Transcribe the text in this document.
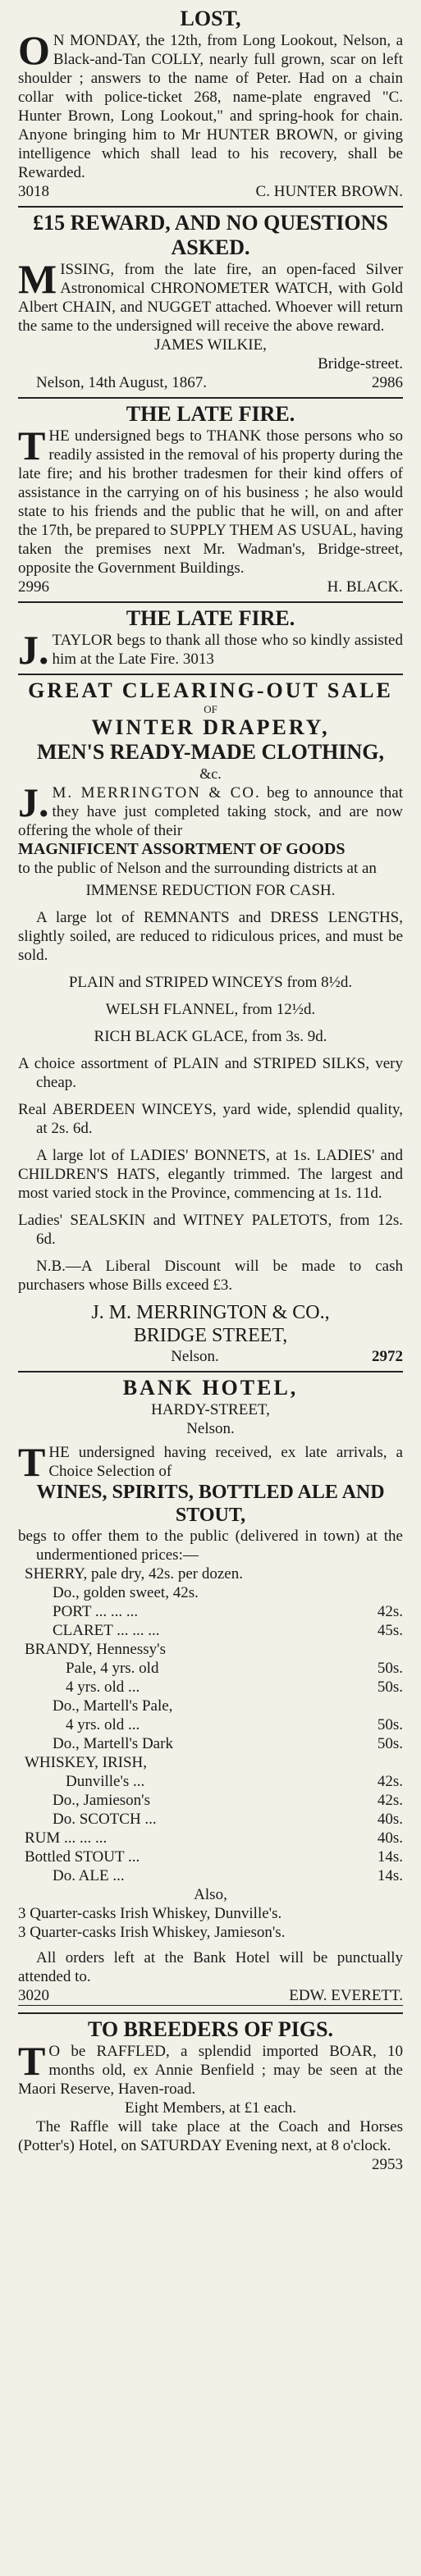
LOST,

O N MONDAY, the 12th, from Long Lookout, Nelson, a Black-and-Tan COLLY, nearly full grown, scar on left shoulder ; answers to the name of Peter. Had on a chain collar with police-ticket 268, name-plate engraved "C. Hunter Brown, Long Lookout," and spring-hook for chain. Anyone bringing him to Mr HUNTER BROWN, or giving intelligence which shall lead to his recovery, shall be Rewarded.

3018	C. HUNTER BROWN.
£15 REWARD, AND NO QUESTIONS ASKED.

MISSING, from the late fire, an open-faced Silver Astronomical CHRONOMETER WATCH, with Gold Albert CHAIN, and NUGGET attached. Whoever will return the same to the undersigned will receive the above reward.

JAMES WILKIE,
Bridge-street.
Nelson, 14th August, 1867.	2986
THE LATE FIRE.

THE undersigned begs to THANK those persons who so readily assisted in the removal of his property during the late fire; and his brother tradesmen for their kind offers of assistance in the carrying on of his business ; he also would state to his friends and the public that he will, on and after the 17th, be prepared to SUPPLY THEM AS USUAL, having taken the premises next Mr. Wadman's, Bridge-street, opposite the Government Buildings.

2996	H. BLACK.
THE LATE FIRE.

J. TAYLOR begs to thank all those who so kindly assisted him at the Late Fire. 3013

GREAT CLEARING-OUT SALE
OF
WINTER DRAPERY,
MEN'S READY-MADE CLOTHING,
&c.

J. M. MERRINGTON & CO. beg to announce that they have just completed taking stock, and are now offering the whole of their

MAGNIFICENT ASSORTMENT OF GOODS

to the public of Nelson and the surrounding districts at an

IMMENSE REDUCTION FOR CASH.

A large lot of REMNANTS and DRESS LENGTHS, slightly soiled, are reduced to ridiculous prices, and must be sold.

PLAIN and STRIPED WINCEYS from 8½d.
WELSH FLANNEL, from 12½d.
RICH BLACK GLACE, from 3s. 9d.

A choice assortment of PLAIN and STRIPED SILKS, very cheap.

Real ABERDEEN WINCEYS, yard wide, splendid quality, at 2s. 6d.

A large lot of LADIES' BONNETS, at 1s. LADIES' and CHILDREN'S HATS, elegantly trimmed. The largest and most varied stock in the Province, commencing at 1s. 11d.

Ladies' SEALSKIN and WITNEY PALETOTS, from 12s. 6d.

N.B.—A Liberal Discount will be made to cash purchasers whose Bills exceed £3.

J. M. MERRINGTON & CO.,
BRIDGE STREET,
Nelson.	2972
BANK HOTEL,
HARDY-STREET,
Nelson.

THE undersigned having received, ex late arrivals, a Choice Selection of

WINES, SPIRITS, BOTTLED ALE AND STOUT,

begs to offer them to the public (delivered in town) at the undermentioned prices:—

SHERRY, pale dry, 42s. per dozen.	
Do., golden sweet, 42s.	
PORT ... ... ...	42s.
CLARET ... ... ...	45s.
BRANDY, Hennessy's	
Pale, 4 yrs. old	50s.
4 yrs. old ...	50s.
Do., Martell's Pale,	
4 yrs. old ...	50s.
Do., Martell's Dark	50s.
WHISKEY, IRISH,	
Dunville's ...	42s.
Do., Jamieson's	42s.
Do. SCOTCH ...	40s.
RUM ... ... ...	40s.
Bottled STOUT ...	14s.
Do. ALE ...	14s.
Also,
3 Quarter-casks Irish Whiskey, Dunville's.
3 Quarter-casks Irish Whiskey, Jamieson's.

All orders left at the Bank Hotel will be punctually attended to.

3020	EDW. EVERETT.
TO BREEDERS OF PIGS.

T O be RAFFLED, a splendid imported BOAR, 10 months old, ex Annie Benfield ; may be seen at the Maori Reserve, Haven-road.

Eight Members, at £1 each.

The Raffle will take place at the Coach and Horses (Potter's) Hotel, on SATURDAY Evening next, at 8 o'clock.
2953
